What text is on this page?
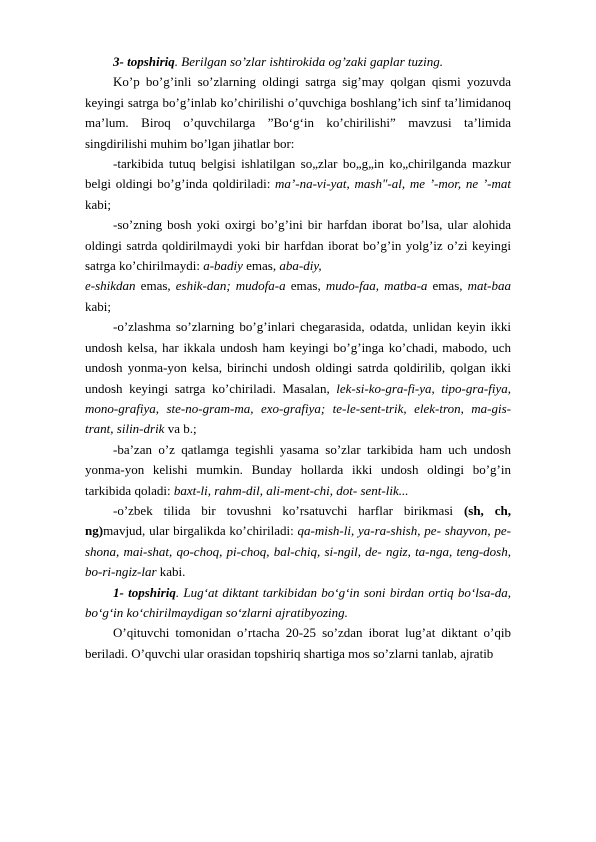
3- topshiriq. Berilgan so’zlar ishtirokida og’zaki gaplar tuzing.

Ko’p bo’g’inli so’zlarning oldingi satrga sig’may qolgan qismi yozuvda keyingi satrga bo’g’inlab ko’chirilishi o’quvchiga boshlang’ich sinf ta’limidanoq ma’lum. Biroq o’quvchilarga ”Bo‘g‘in ko’chirilishi” mavzusi ta’limida singdirilishi muhim bo’lgan jihatlar bor:

-tarkibida tutuq belgisi ishlatilgan so„zlar bo„g„in ko„chirilganda mazkur belgi oldingi bo’g’inda qoldiriladi: ma’-na-vi-yat, mash"-al, me ’-mor, ne ’-mat kabi;

-so’zning bosh yoki oxirgi bo’g’ini bir harfdan iborat bo’lsa, ular alohida oldingi satrda qoldirilmaydi yoki bir harfdan iborat bo’g’in yolg’iz o’zi keyingi satrga ko’chirilmaydi: a-badiy emas, aba-diy,

e-shikdan emas, eshik-dan; mudofa-a emas, mudo-faa, matba-a emas, mat-baa kabi;

-o’zlashma so’zlarning bo’g’inlari chegarasida, odatda, unlidan keyin ikki undosh kelsa, har ikkala undosh ham keyingi bo’g’inga ko’chadi, mabodo, uch undosh yonma-yon kelsa, birinchi undosh oldingi satrda qoldirilib, qolgan ikki undosh keyingi satrga ko’chiriladi. Masalan, lek-si-ko-gra-fi-ya, tipo-gra-fiya, mono-grafiya, ste-no-gram-ma, exo-grafiya; te-le-sent-trik, elek-tron, ma-gis-trant, silin-drik va b.;

-ba’zan o’z qatlamga tegishli yasama so’zlar tarkibida ham uch undosh yonma-yon kelishi mumkin. Bunday hollarda ikki undosh oldingi bo’g’in tarkibida qoladi: baxt-li, rahm-dil, ali-ment-chi, dot- sent-lik...

-o’zbek tilida bir tovushni ko’rsatuvchi harflar birikmasi (sh, ch, ng)mavjud, ular birgalikda ko’chiriladi: qa-mish-li, ya-ra-shish, pe- shayvon, pe-shona, mai-shat, qo-choq, pi-choq, bal-chiq, si-ngil, de- ngiz, ta-nga, teng-dosh, bo-ri-ngiz-lar kabi.

1- topshiriq. Lug‘at diktant tarkibidan bo‘g‘in soni birdan ortiq bo‘lsa-da, bo‘g‘in ko‘chirilmaydigan so‘zlarni ajratibyozing.

O’qituvchi tomonidan o’rtacha 20-25 so’zdan iborat lug’at diktant o’qib beriladi. O’quvchi ular orasidan topshiriq shartiga mos so’zlarni tanlab, ajratib
